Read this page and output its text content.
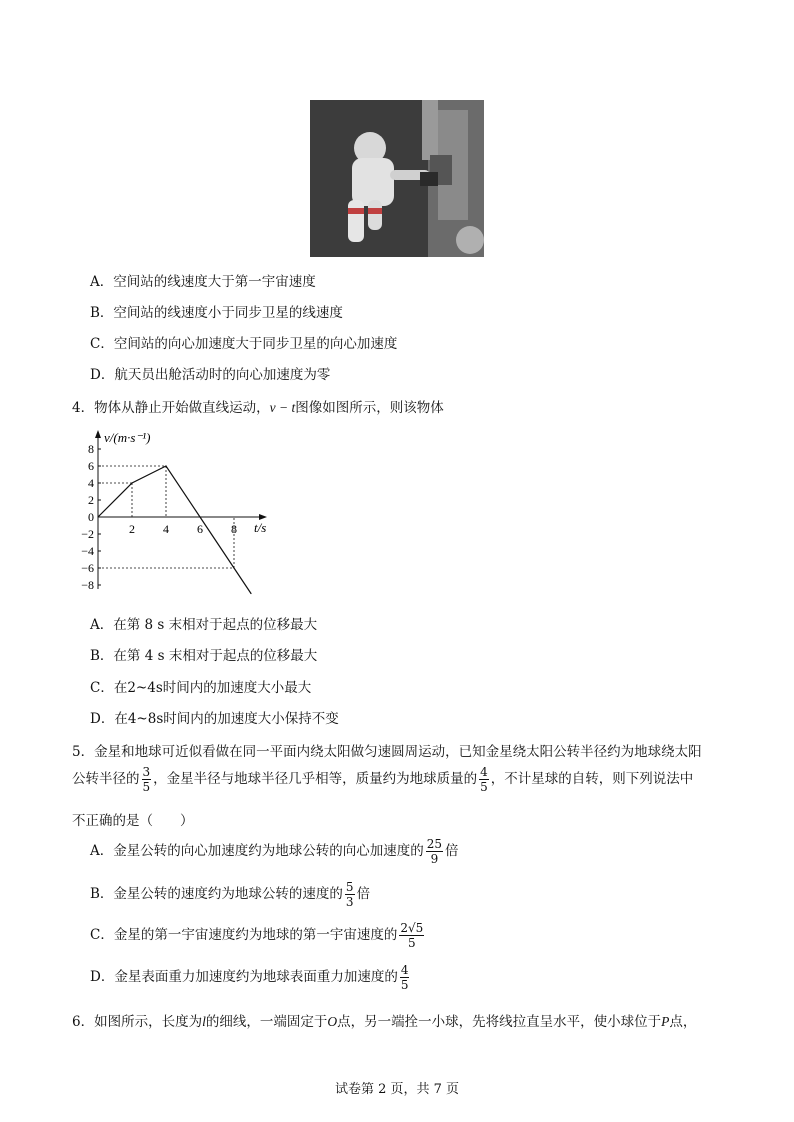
A．空间站的线速度大于第一宇宙速度
B．空间站的线速度小于同步卫星的线速度
C．空间站的向心加速度大于同步卫星的向心加速度
D．航天员出舱活动时的向心加速度为零
4．物体从静止开始做直线运动，v − t图像如图所示，则该物体
8
6
4
2
0
−2
−4
−6
−8
2 4 6 8
v/(m·s⁻¹)
t/s
A．在第 8 s 末相对于起点的位移最大
B．在第 4 s 末相对于起点的位移最大
C．在2~4s时间内的加速度大小最大
D．在4~8s时间内的加速度大小保持不变
5．金星和地球可近似看做在同一平面内绕太阳做匀速圆周运动，已知金星绕太阳公转半径约为地球绕太阳
公转半径的 $\frac{3}{5}$ ，金星半径与地球半径几乎相等，质量约为地球质量的 $\frac{4}{5}$ ，不计星球的自转，则下列说法中
不正确的是（　　）
A．金星公转的向心加速度约为地球公转的向心加速度的 $\frac{25}{9}$ 倍
B．金星公转的速度约为地球公转的速度的 $\frac{5}{3}$ 倍
C．金星的第一宇宙速度约为地球的第一宇宙速度的 $\frac{2√5}{5}$
D．金星表面重力加速度约为地球表面重力加速度的 $\frac{4}{5}$
6．如图所示，长度为l的细线，一端固定于O点，另一端拴一小球，先将线拉直呈水平，使小球位于P点，
试卷第 2 页，共 7 页
